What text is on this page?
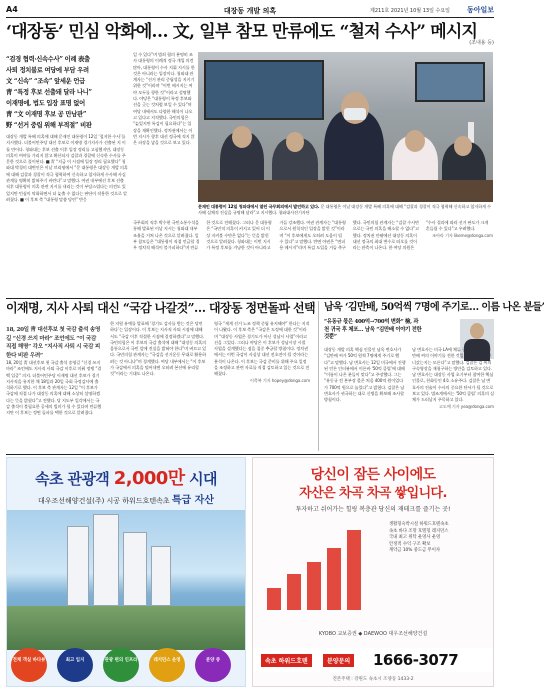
A4	대장동 개발 의혹	제211호 2021년 10월 13일 수요일 동아일보
‘대장동’ 민심 악화에… 文, 일부 참모 만류에도 “철저 수사” 메시지
(조내용 등)
“검경 협력·신속수사” 이례 表출
사퇴 정치불로 여당에 부담 우려
文 “신속” “조속” 앞세운 언급
靑 “특정 후보 선출돼 달라 나니”
이재명에, 법도 입장 표명 없어
靑 “文 이재명 후보 공 만남관”
野 “선거 중립 위해 부적절” 비판

대장동 개발 특혜 의혹에 대해 문재인 대통령이 12일 ‘철저한 수사’를 지시했다. 더불어민주당 대선 후보로 이재명 경기지사가 선출된 지 이틀 만이다. 청와대는 후보 선출 이후 입장 정리를 고심했지만, 대장동 의혹이 여야를 가리지 않고 확산되자 검찰과 경찰에 신속한 수사를 주문한 것으로 풀이된다. ■ 靑 “지금 이 시점에 입장 정리 필요했다” 청와대 박경미 대변인은 이날 브리핑에서 “문 대통령은 대장동 개발 의혹에 대해 검찰과 경찰이 적극 협력하여 신속하고 철저하게 수사해 사실관계를 명확히 밝혀주기 바란다”고 말했다. 여권 내부에선 후보 선출 직후 대통령이 의혹 관련 지시를 내리는 것이 부담스럽다는 의견도 있었지만 민심이 악화하면서 더 늦출 수 없다는 판단이 작용한 것으로 알려졌다. ■ 이 후보 측 “대통령 말씀 당연” 반응

일 수 있다”며 범죄 혐의 분명히 조사 대통령의 이례적 정국 개입 의견 많아, 대통령이 수사 지휘 지시를 한 것은 아니라는 입장이다. 청와대 관계자는 “선거 관리 중립성을 지키기 위한 것”이라며 “이번 메시지는 여야 모두를 향한 것”이라고 설명했다. 야당은 “대통령이 특정 후보와 선을 긋는 것처럼 보일 수 있다”며 여당 내에서도 다양한 해석이 나오고 있다고 지적했다. 국민의힘은 “늦었지만 특검이 필요하다”는 입장을 재확인했다. 정치권에서는 이번 지시가 향후 대선 정국에 적지 않은 파장을 낳을 것으로 보고 있다.
문재인 대통령이 12일 청와대에서 열린 국무회의에서 발언하고 있다. 문 대통령은 이날 대장동 개발 특혜 의혹에 대해 “검찰과 경찰이 적극 협력해 신속하고 철저하게 수사해 실체적 진실을 규명해 달라”고 지시했다. 청와대사진기자단
국무회의 직후 박수현 국민소통수석을 통해 발표된 이날 지시는 청와대 내부 조율을 거쳐 나온 것으로 알려졌다. 일부 참모들은 “대통령이 직접 언급할 경우 정치적 해석이 불가피하다”며 만류한 것으로 전해졌다. 그러나 문 대통령은 “국민적 의혹이 커지고 있어 더 이상 지켜볼 수만은 없다”는 뜻을 밝힌 것으로 알려졌다. 청와대는 이번 지시가 특정 후보를 겨냥한 것이 아니라고 거듭 강조했다. 여권 관계자는 “대통령으로서 원칙적인 입장을 밝힌 것”이라며 “이 후보에게도 오히려 도움이 될 수 있다”고 말했다. 반면 야권은 “면피용 메시지”라며 특검 도입을 거듭 촉구했다. 국민의힘 관계자는 “검찰 수사만으로는 국민 의혹을 해소할 수 없다”고 했다. 정치권 안팎에선 대장동 의혹이 대선 정국의 최대 변수로 떠오를 것이라는 관측이 나온다. 한 여당 의원은 “수사 결과에 따라 선거 판도가 크게 흔들릴 수 있다”고 우려했다.
조아라 기자 likeme@donga.com
이재명, 지사 사퇴 대신 “국감 나갈것”… 대장동 정면돌파 선택
18, 20일 靑 대선후보 첫 국감 출석 송영길 “신경 쓰지 마라” 조언에도 “이 국감 직접 해명” 각오 “지사직 사퇴 시 국감 피한다 비판 우려”

18, 20일 靑 대선후보 첫 국감 출석 송영길 “신경 쓰지 마라” 조언에도 지사직 사퇴 국감 이후로 미뤄 정쟁 “결백 입증” 의지. 더불어민주당 이재명 대선 후보가 경기지사직을 유지한 채 18일과 20일 국회 국정감사에 출석하기로 했다. 이 후보 측 관계자는 12일 “이 후보가 국감에 직접 나가 대장동 의혹에 대해 소상히 설명하겠다는 뜻을 밝혔다”고 전했다. 당 지도부 일각에서는 국감 출석이 불필요한 공세의 빌미가 될 수 있다며 만류했지만 이 후보는 정면 돌파를 택한 것으로 알려졌다.

한 지원 유예를 발표해 ‘경기도 감사를 받는 것은 당연하다’는 입장이다. 이 후보는 지사직 사퇴 시점에 대해서도 “국감 이후 적절한 시점에 결정하겠다”고 말했다. 국민의힘은 이 후보의 국감 출석에 대해 “대장동 의혹의 몸통으로서 국민 앞에 진실을 밝혀야 한다”며 벼르고 있다. 국민의힘 관계자는 “국감을 선거운동 무대로 활용하려는 것 아니냐”며 경계했다. 여당 내부에서는 “이 후보가 국감에서 의혹을 털어내면 오히려 본선에 유리할 것”이라는 기대도 나온다.

영국 “세계 선거 노조 정책 중립 유지해야” 한다는 지적이 나왔다. 이 후보 측은 “국감은 도정에 대한 것”이라며 “대장동 사업은 경기도가 아닌 성남시 사업”이라고 선을 그었다. 그러나 야당은 이 후보가 성남시장 시절 사업을 설계했다는 점을 집중 추궁할 방침이다. 정치권에서는 이번 국감이 사실상 대선 전초전이 될 것이라는 분석이 나온다. 이 후보는 국감 준비를 위해 주요 일정을 조정하고 관련 자료를 직접 검토하고 있는 것으로 전해졌다.

이축복 기자 hopey@donga.com
남욱 ‘김만배, 50억씩 7명에 주기로… 이름 나온 분들’
“유동규 몫은 400억→700억 변화” 檢, 과천 귀국 후 체포… 남욱 “김만배 이야기 전한 것뿐”

대장동 개발 의혹 핵심 인물인 남욱 변호사가 “김만배 씨가 50억 원씩 7명에게 주기로 했다”고 말했다. 남 변호사는 12일 미국에서 진행된 언론 인터뷰에서 이른바 ‘50억 클럽’에 대해 “이름이 나온 분들이 맞다”고 주장했다. 그는 “유동규 전 본부장 몫은 처음 400억 원이었다가 700억 원으로 늘었다”고 밝혔다. 검찰은 남 변호사가 귀국하는 대로 신병을 확보해 조사할 방침이다.

남 변호사는 미국 LA에 체류 중이다. 그는 “김만배 씨의 이야기를 전한 것일 뿐 실제 돈이 건너갔는지는 모른다”고 말했다. 검찰은 김 씨의 구속영장을 재청구하는 방안을 검토하고 있다. 남 변호사는 대장동 사업 초기부터 참여한 핵심 인물로, 천화동인 4호 소유주다. 검찰은 남 변호사의 진술이 수사의 중요한 단서가 될 것으로 보고 있다. 법조계에서는 ‘50억 클럽’ 의혹의 실체가 드러날지 주목하고 있다.

고도예 기자 yea@donga.com
속초 관광객 2,000만 시대
대우조선해양건설(주) 시공 하워드호텐속초 특급 자산
전체 객실 바다뷰	최고 입지	관광 편의 인프라	레지던스 운영	분양 중
당신이 잠든 사이에도
자산은 차곡 차곡 쌓입니다.
투자하고 쉬어가는 힐링 복층관 당신의 재테크를 즐기는 곳!
생활형숙박시설 하워드호텐속초
속초 바다 조망 호텔형 레지던스
국내 최고 위탁 운영사 운영
안정적 수익 구조 확보
계약금 10% 중도금 무이자
KYOBO 교보증권 ◆ DAEWOO 대우조선해양건설
속초 하워드호텐	분양문의 1666-3077
견본주택 : 강원도 속초시 조양동 1433-2
